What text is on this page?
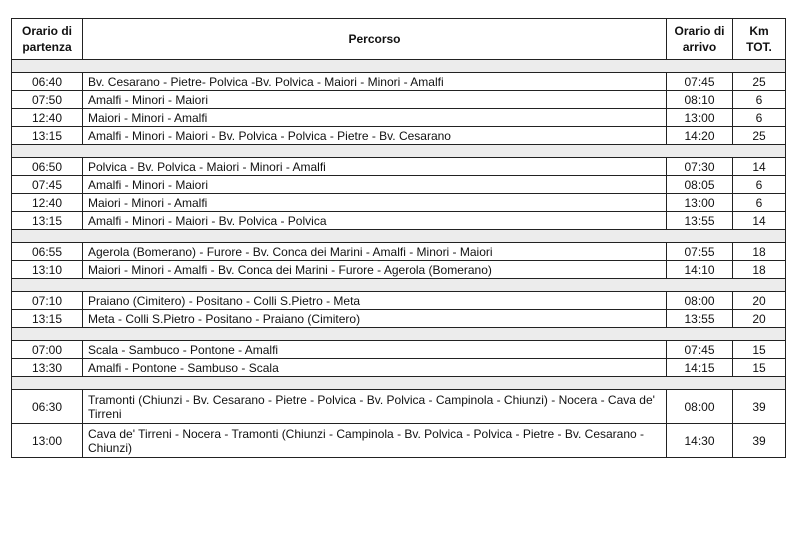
Orario di partenza	Percorso	Orario di arrivo	Km TOT.

06:40	Bv. Cesarano - Pietre- Polvica -Bv. Polvica - Maiori - Minori - Amalfi	07:45	25
07:50	Amalfi - Minori - Maiori	08:10	6
12:40	Maiori - Minori - Amalfi	13:00	6
13:15	Amalfi - Minori - Maiori - Bv. Polvica - Polvica - Pietre - Bv. Cesarano	14:20	25

06:50	Polvica - Bv. Polvica - Maiori - Minori - Amalfi	07:30	14
07:45	Amalfi - Minori - Maiori	08:05	6
12:40	Maiori - Minori - Amalfi	13:00	6
13:15	Amalfi - Minori - Maiori - Bv. Polvica - Polvica	13:55	14

06:55	Agerola (Bomerano) - Furore - Bv. Conca dei Marini - Amalfi - Minori - Maiori	07:55	18
13:10	Maiori - Minori - Amalfi - Bv. Conca dei Marini - Furore - Agerola (Bomerano)	14:10	18

07:10	Praiano (Cimitero) - Positano - Colli S.Pietro - Meta	08:00	20
13:15	Meta - Colli S.Pietro - Positano - Praiano (Cimitero)	13:55	20

07:00	Scala - Sambuco - Pontone - Amalfi	07:45	15
13:30	Amalfi - Pontone - Sambuso - Scala	14:15	15

06:30	Tramonti (Chiunzi - Bv. Cesarano - Pietre - Polvica - Bv. Polvica - Campinola - Chiunzi) - Nocera - Cava de' Tirreni	08:00	39
13:00	Cava de' Tirreni - Nocera - Tramonti (Chiunzi - Campinola - Bv. Polvica - Polvica - Pietre - Bv. Cesarano - Chiunzi)	14:30	39
